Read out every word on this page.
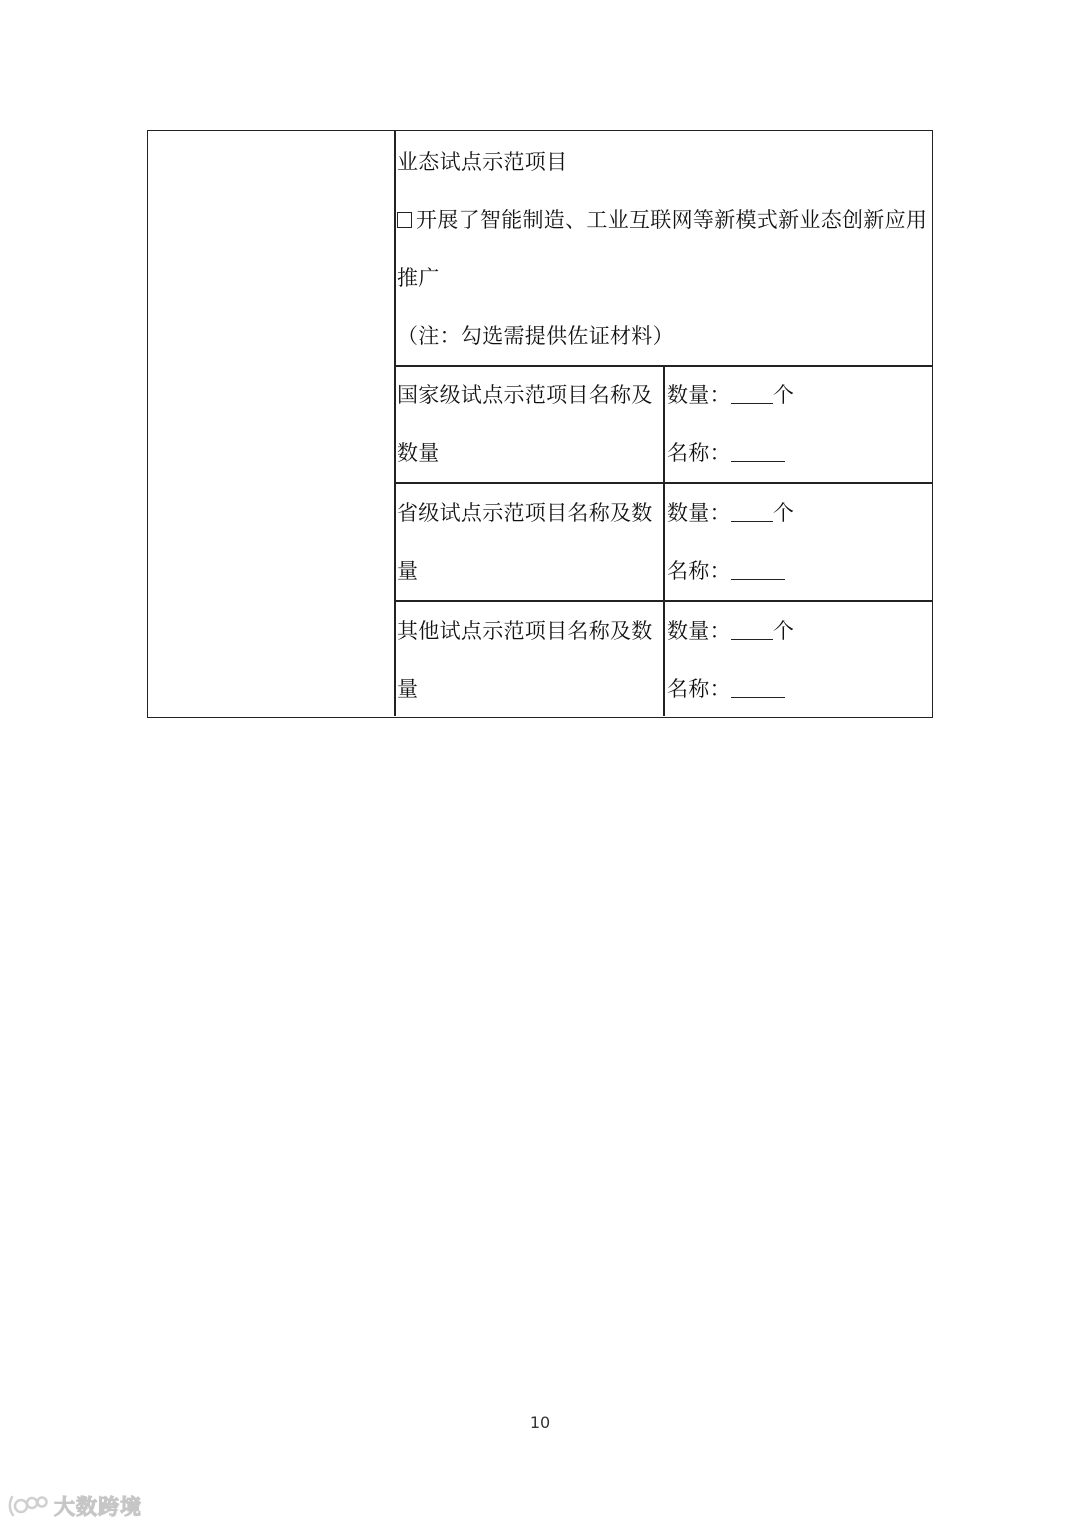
业态试点示范项目
开展了智能制造、工业互联网等新模式新业态创新应用
推广
（注：勾选需提供佐证材料）
国家级试点示范项目名称及
数量
数量： 个
名称：
省级试点示范项目名称及数
量
数量： 个
名称：
其他试点示范项目名称及数
量
数量： 个
名称：
10
大数跨境
